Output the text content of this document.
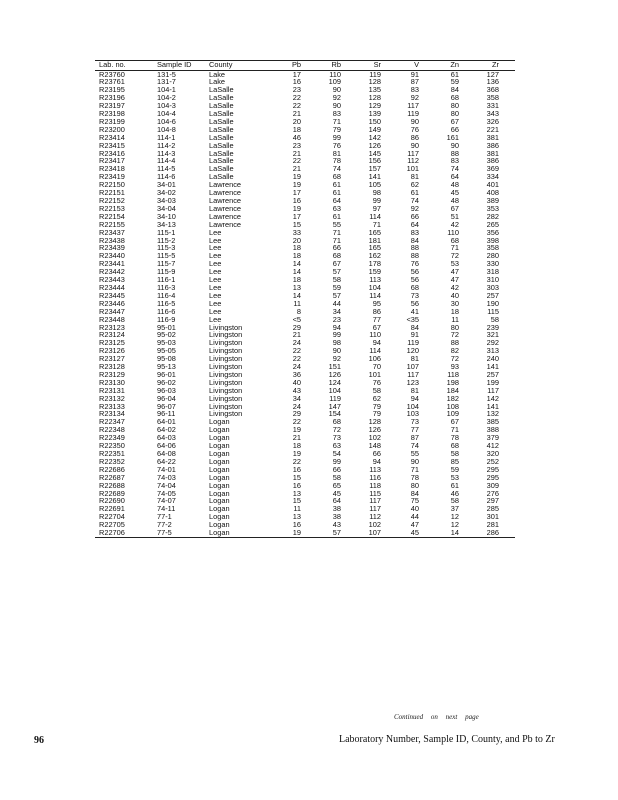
Lab. no.	Sample ID	County	Pb	Rb	Sr	V	Zn	Zr
R23760	131-5	Lake	17	110	119	91	61	127
R23761	131-7	Lake	16	109	128	87	59	136
R23195	104-1	LaSalle	23	90	135	83	84	368
R23196	104-2	LaSalle	22	92	128	92	68	358
R23197	104-3	LaSalle	22	90	129	117	80	331
R23198	104-4	LaSalle	21	83	139	119	80	343
R23199	104-6	LaSalle	20	71	150	90	67	326
R23200	104-8	LaSalle	18	79	149	76	66	221
R23414	114-1	LaSalle	46	99	142	86	161	381
R23415	114-2	LaSalle	23	76	126	90	90	386
R23416	114-3	LaSalle	21	81	145	117	88	381
R23417	114-4	LaSalle	22	78	156	112	83	386
R23418	114-5	LaSalle	21	74	157	101	74	369
R23419	114-6	LaSalle	19	68	141	81	64	334
R22150	34-01	Lawrence	19	61	105	62	48	401
R22151	34-02	Lawrence	17	61	98	61	45	408
R22152	34-03	Lawrence	16	64	99	74	48	389
R22153	34-04	Lawrence	19	63	97	92	67	353
R22154	34-10	Lawrence	17	61	114	66	51	282
R22155	34-13	Lawrence	15	55	71	64	42	265
R23437	115-1	Lee	33	71	165	83	110	356
R23438	115-2	Lee	20	71	181	84	68	398
R23439	115-3	Lee	18	66	165	88	71	358
R23440	115-5	Lee	18	68	162	88	72	280
R23441	115-7	Lee	14	67	178	76	53	330
R23442	115-9	Lee	14	57	159	56	47	318
R23443	116-1	Lee	18	58	113	56	47	310
R23444	116-3	Lee	13	59	104	68	42	303
R23445	116-4	Lee	14	57	114	73	40	257
R23446	116-5	Lee	11	44	95	56	30	190
R23447	116-6	Lee	8	34	86	41	18	115
R23448	116-9	Lee	<5	23	77	<35	11	58
R23123	95-01	Livingston	29	94	67	84	80	239
R23124	95-02	Livingston	21	99	110	91	72	321
R23125	95-03	Livingston	24	98	94	119	88	292
R23126	95-05	Livingston	22	90	114	120	82	313
R23127	95-08	Livingston	22	92	106	81	72	240
R23128	95-13	Livingston	24	151	70	107	93	141
R23129	96-01	Livingston	36	126	101	117	118	257
R23130	96-02	Livingston	40	124	76	123	198	199
R23131	96-03	Livingston	43	104	58	81	184	117
R23132	96-04	Livingston	34	119	62	94	182	142
R23133	96-07	Livingston	24	147	79	104	108	141
R23134	96-11	Livingston	29	154	79	103	109	132
R22347	64-01	Logan	22	68	128	73	67	385
R22348	64-02	Logan	19	72	126	77	71	388
R22349	64-03	Logan	21	73	102	87	78	379
R22350	64-06	Logan	18	63	148	74	68	412
R22351	64-08	Logan	19	54	66	55	58	320
R22352	64-22	Logan	22	99	94	90	85	252
R22686	74-01	Logan	16	66	113	71	59	295
R22687	74-03	Logan	15	58	116	78	53	295
R22688	74-04	Logan	16	65	118	80	61	309
R22689	74-05	Logan	13	45	115	84	46	276
R22690	74-07	Logan	15	64	117	75	58	297
R22691	74-11	Logan	11	38	117	40	37	285
R22704	77-1	Logan	13	38	112	44	12	301
R22705	77-2	Logan	16	43	102	47	12	281
R22706	77-5	Logan	19	57	107	45	14	286
Continued on next page
96	Laboratory Number, Sample ID, County, and Pb to Zr
